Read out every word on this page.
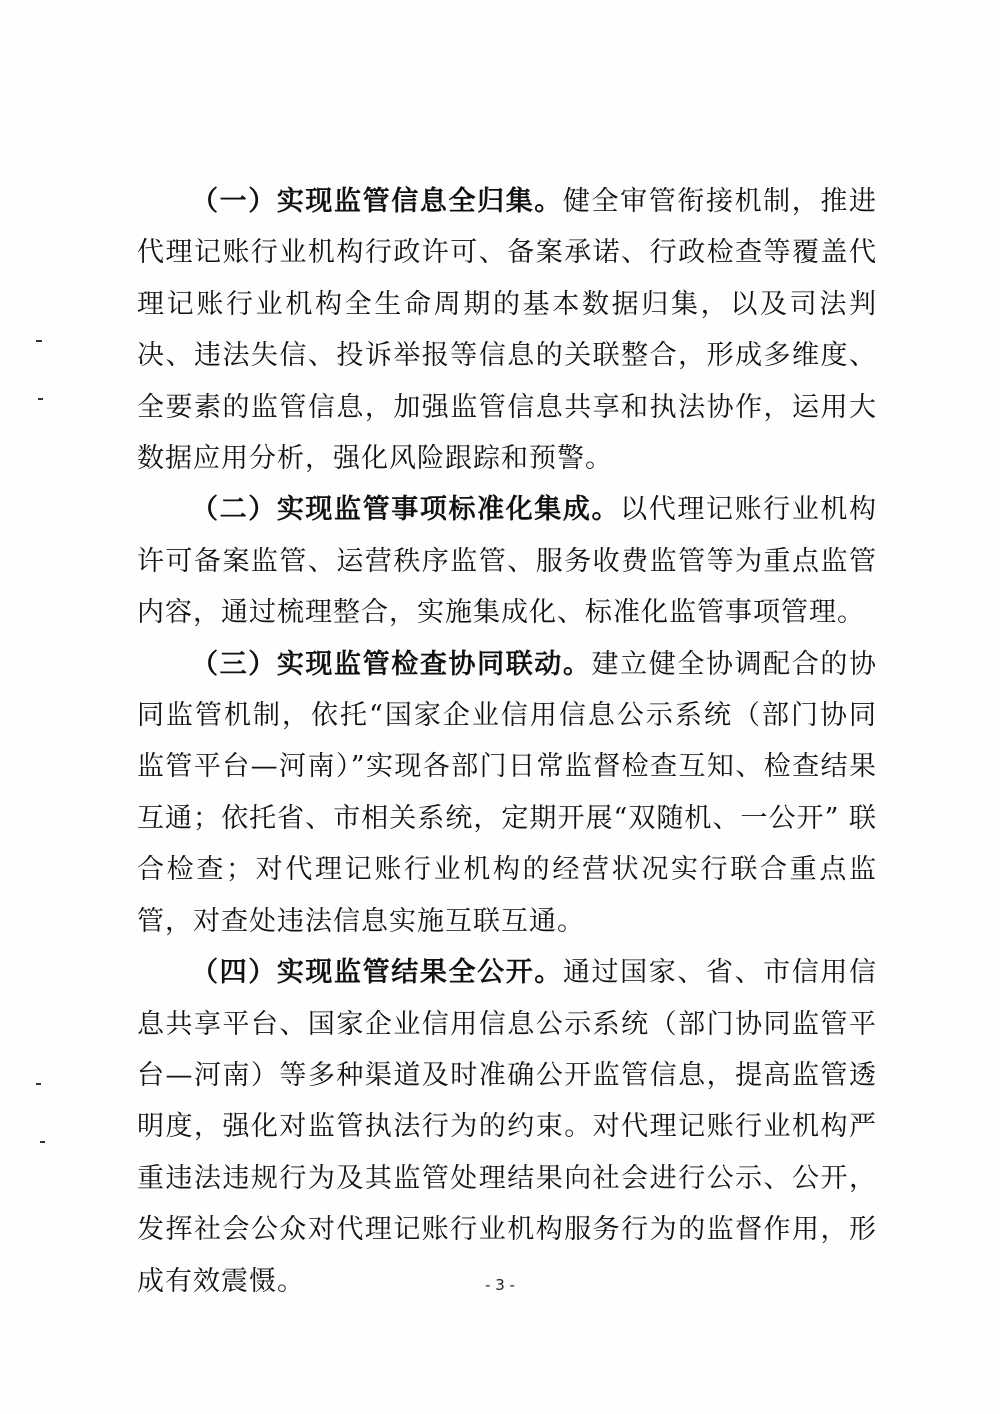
（一）实现监管信息全归集。健全审管衔接机制，推进代理记账行业机构行政许可、备案承诺、行政检查等覆盖代理记账行业机构全生命周期的基本数据归集，以及司法判决、违法失信、投诉举报等信息的关联整合，形成多维度、全要素的监管信息，加强监管信息共享和执法协作，运用大数据应用分析，强化风险跟踪和预警。

（二）实现监管事项标准化集成。以代理记账行业机构许可备案监管、运营秩序监管、服务收费监管等为重点监管内容，通过梳理整合，实施集成化、标准化监管事项管理。

（三）实现监管检查协同联动。建立健全协调配合的协同监管机制，依托“国家企业信用信息公示系统（部门协同监管平台—河南）”实现各部门日常监督检查互知、检查结果互通；依托省、市相关系统，定期开展“双随机、一公开” 联合检查；对代理记账行业机构的经营状况实行联合重点监管，对查处违法信息实施互联互通。

（四）实现监管结果全公开。通过国家、省、市信用信息共享平台、国家企业信用信息公示系统（部门协同监管平台—河南）等多种渠道及时准确公开监管信息，提高监管透明度，强化对监管执法行为的约束。对代理记账行业机构严重违法违规行为及其监管处理结果向社会进行公示、公开，发挥社会公众对代理记账行业机构服务行为的监督作用，形成有效震慑。	- 3 -
